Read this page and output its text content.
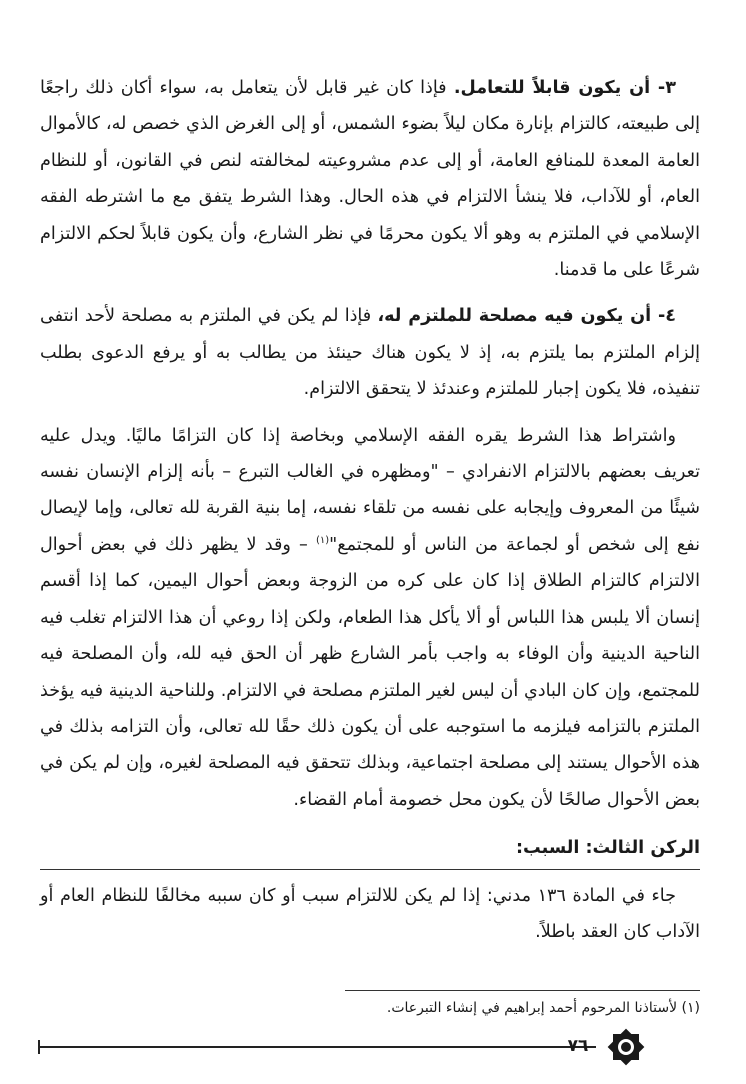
٣- أن يكون قابلاً للتعامل. فإذا كان غير قابل لأن يتعامل به، سواء أكان ذلك راجعًا إلى طبيعته، كالتزام بإنارة مكان ليلاً بضوء الشمس، أو إلى الغرض الذي خصص له، كالأموال العامة المعدة للمنافع العامة، أو إلى عدم مشروعيته لمخالفته لنص في القانون، أو للنظام العام، أو للآداب، فلا ينشأ الالتزام في هذه الحال. وهذا الشرط يتفق مع ما اشترطه الفقه الإسلامي في الملتزم به وهو ألا يكون محرمًا في نظر الشارع، وأن يكون قابلاً لحكم الالتزام شرعًا على ما قدمنا.

٤- أن يكون فيه مصلحة للملتزم له، فإذا لم يكن في الملتزم به مصلحة لأحد انتفى إلزام الملتزم بما يلتزم به، إذ لا يكون هناك حينئذ من يطالب به أو يرفع الدعوى بطلب تنفيذه، فلا يكون إجبار للملتزم وعندئذ لا يتحقق الالتزام.

واشتراط هذا الشرط يقره الفقه الإسلامي وبخاصة إذا كان التزامًا ماليًا. ويدل عليه تعريف بعضهم بالالتزام الانفرادي – "ومظهره في الغالب التبرع – بأنه إلزام الإنسان نفسه شيئًا من المعروف وإيجابه على نفسه من تلقاء نفسه، إما بنية القربة لله تعالى، وإما لإيصال نفع إلى شخص أو لجماعة من الناس أو للمجتمع"$^{(١)}$ – وقد لا يظهر ذلك في بعض أحوال الالتزام كالتزام الطلاق إذا كان على كره من الزوجة وبعض أحوال اليمين، كما إذا أقسم إنسان ألا يلبس هذا اللباس أو ألا يأكل هذا الطعام، ولكن إذا روعي أن هذا الالتزام تغلب فيه الناحية الدينية وأن الوفاء به واجب بأمر الشارع ظهر أن الحق فيه لله، وأن المصلحة فيه للمجتمع، وإن كان البادي أن ليس لغير الملتزم مصلحة في الالتزام. وللناحية الدينية فيه يؤخذ الملتزم بالتزامه فيلزمه ما استوجبه على أن يكون ذلك حقًا لله تعالى، وأن التزامه بذلك في هذه الأحوال يستند إلى مصلحة اجتماعية، وبذلك تتحقق فيه المصلحة لغيره، وإن لم يكن في بعض الأحوال صالحًا لأن يكون محل خصومة أمام القضاء.

الركن الثالث: السبب:

جاء في المادة ١٣٦ مدني: إذا لم يكن للالتزام سبب أو كان سببه مخالفًا للنظام العام أو الآداب كان العقد باطلاً.

(١) لأستاذنا المرحوم أحمد إبراهيم في إنشاء التبرعات.
٧٦
